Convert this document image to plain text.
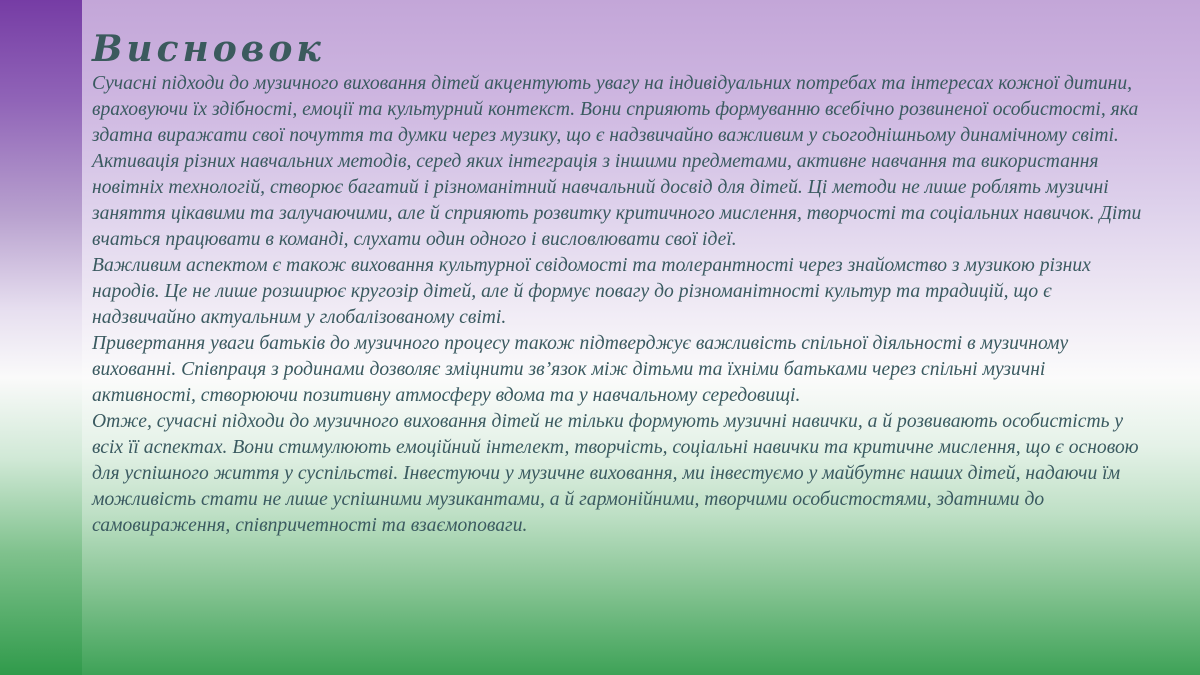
Висновок

Сучасні підходи до музичного виховання дітей акцентують увагу на індивідуальних потребах та інтересах кожної дитини, враховуючи їх здібності, емоції та культурний контекст. Вони сприяють формуванню всебічно розвиненої особистості, яка здатна виражати свої почуття та думки через музику, що є надзвичайно важливим у сьогоднішньому динамічному світі.

Активація різних навчальних методів, серед яких інтеграція з іншими предметами, активне навчання та використання новітніх технологій, створює багатий і різноманітний навчальний досвід для дітей. Ці методи не лише роблять музичні заняття цікавими та залучаючими, але й сприяють розвитку критичного мислення, творчості та соціальних навичок. Діти вчаться працювати в команді, слухати один одного і висловлювати свої ідеї.

Важливим аспектом є також виховання культурної свідомості та толерантності через знайомство з музикою різних народів. Це не лише розширює кругозір дітей, але й формує повагу до різноманітності культур та традицій, що є надзвичайно актуальним у глобалізованому світі.

Привертання уваги батьків до музичного процесу також підтверджує важливість спільної діяльності в музичному вихованні. Співпраця з родинами дозволяє зміцнити зв’язок між дітьми та їхніми батьками через спільні музичні активності, створюючи позитивну атмосферу вдома та у навчальному середовищі.

Отже, сучасні підходи до музичного виховання дітей не тільки формують музичні навички, а й розвивають особистість у всіх її аспектах. Вони стимулюють емоційний інтелект, творчість, соціальні навички та критичне мислення, що є основою для успішного життя у суспільстві. Інвестуючи у музичне виховання, ми інвестуємо у майбутнє наших дітей, надаючи їм можливість стати не лише успішними музикантами, а й гармонійними, творчими особистостями, здатними до самовираження, співпричетності та взаємоповаги.
